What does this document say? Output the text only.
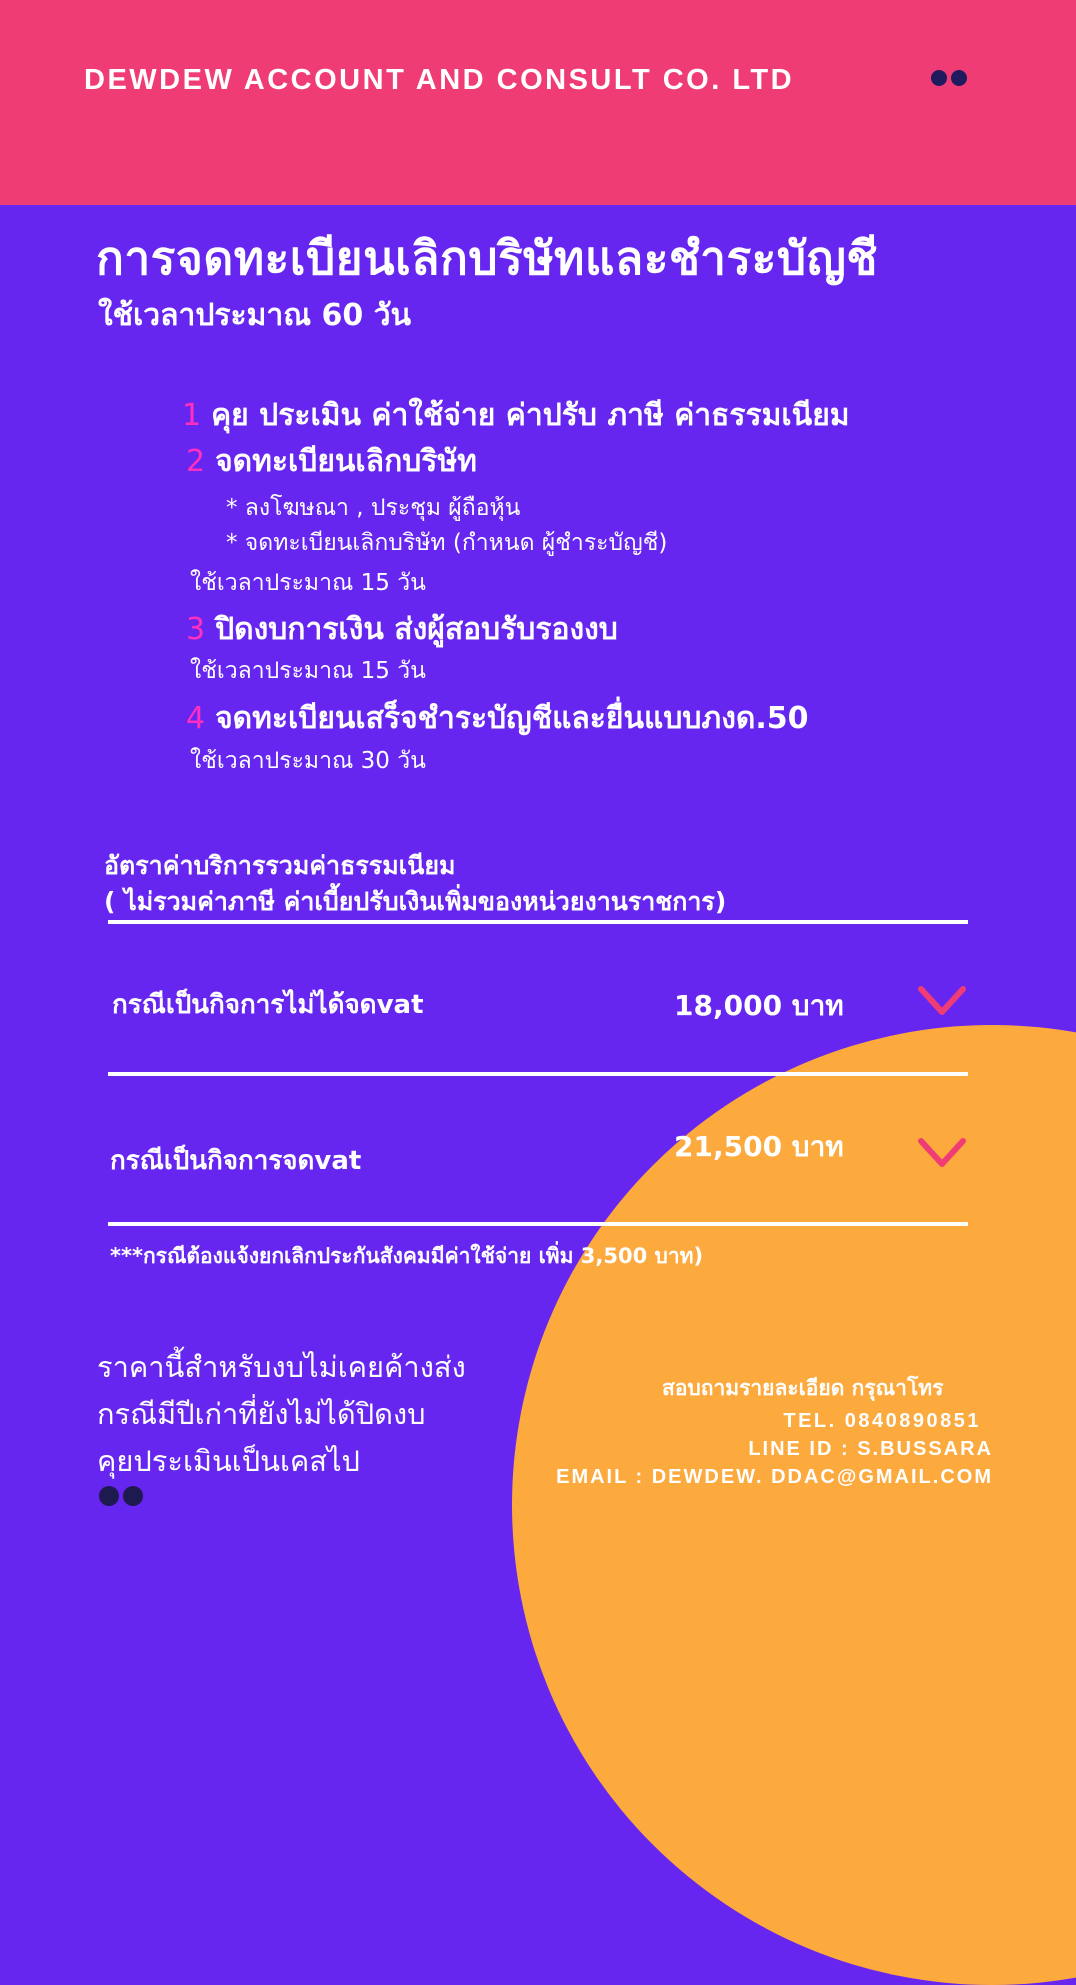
DEWDEW ACCOUNT AND CONSULT CO. LTD
การจดทะเบียนเลิกบริษัทและชำระบัญชี
ใช้เวลาประมาณ 60 วัน
1 คุย ประเมิน ค่าใช้จ่าย ค่าปรับ ภาษี ค่าธรรมเนียม
2 จดทะเบียนเลิกบริษัท
* ลงโฆษณา , ประชุม ผู้ถือหุ้น
* จดทะเบียนเลิกบริษัท (กำหนด ผู้ชำระบัญชี)
ใช้เวลาประมาณ 15 วัน
3 ปิดงบการเงิน ส่งผู้สอบรับรองงบ
ใช้เวลาประมาณ 15 วัน
4 จดทะเบียนเสร็จชำระบัญชีและยื่นแบบภงด.50
ใช้เวลาประมาณ 30 วัน
อัตราค่าบริการรวมค่าธรรมเนียม
( ไม่รวมค่าภาษี ค่าเบี้ยปรับเงินเพิ่มของหน่วยงานราชการ)
กรณีเป็นกิจการไม่ได้จดvat	18,000 บาท
กรณีเป็นกิจการจดvat	21,500 บาท
***กรณีต้องแจ้งยกเลิกประกันสังคมมีค่าใช้จ่าย เพิ่ม 3,500 บาท)
ราคานี้สำหรับงบไม่เคยค้างส่ง
กรณีมีปีเก่าที่ยังไม่ได้ปิดงบ
คุยประเมินเป็นเคสไป
สอบถามรายละเอียด กรุณาโทร
TEL. 0840890851
LINE ID : S.BUSSARA
EMAIL : DEWDEW. DDAC@GMAIL.COM
